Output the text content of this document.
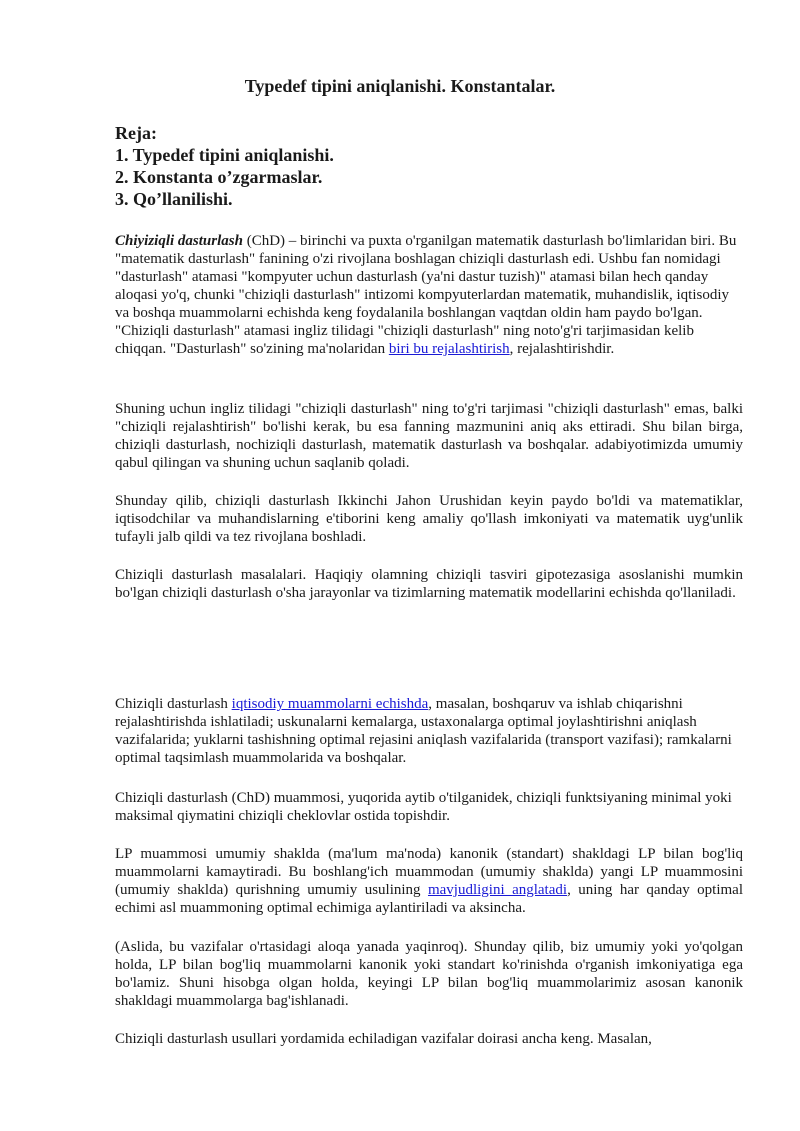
Typedef tipini aniqlanishi. Konstantalar.
Reja:
1. Typedef tipini aniqlanishi.
2. Konstanta o’zgarmaslar.
3. Qo’llanilishi.

Chiyiziqli dasturlash (ChD) – birinchi va puxta o'rganilgan matematik dasturlash bo'limlaridan biri. Bu "matematik dasturlash" fanining o'zi rivojlana boshlagan chiziqli dasturlash edi. Ushbu fan nomidagi "dasturlash" atamasi "kompyuter uchun dasturlash (ya'ni dastur tuzish)" atamasi bilan hech qanday aloqasi yo'q, chunki "chiziqli dasturlash" intizomi kompyuterlardan matematik, muhandislik, iqtisodiy va boshqa muammolarni echishda keng foydalanila boshlangan vaqtdan oldin ham paydo bo'lgan.
"Chiziqli dasturlash" atamasi ingliz tilidagi "chiziqli dasturlash" ning noto'g'ri tarjimasidan kelib chiqqan. "Dasturlash" so'zining ma'nolaridan biri bu rejalashtirish, rejalashtirishdir.

Shuning uchun ingliz tilidagi "chiziqli dasturlash" ning to'g'ri tarjimasi "chiziqli dasturlash" emas, balki "chiziqli rejalashtirish" bo'lishi kerak, bu esa fanning mazmunini aniq aks ettiradi. Shu bilan birga, chiziqli dasturlash, nochiziqli dasturlash, matematik dasturlash va boshqalar. adabiyotimizda umumiy qabul qilingan va shuning uchun saqlanib qoladi.

Shunday qilib, chiziqli dasturlash Ikkinchi Jahon Urushidan keyin paydo bo'ldi va matematiklar, iqtisodchilar va muhandislarning e'tiborini keng amaliy qo'llash imkoniyati va matematik uyg'unlik tufayli jalb qildi va tez rivojlana boshladi.

Chiziqli dasturlash masalalari. Haqiqiy olamning chiziqli tasviri gipotezasiga asoslanishi mumkin bo'lgan chiziqli dasturlash o'sha jarayonlar va tizimlarning matematik modellarini echishda qo'llaniladi.

Chiziqli dasturlash iqtisodiy muammolarni echishda, masalan, boshqaruv va ishlab chiqarishni rejalashtirishda ishlatiladi; uskunalarni kemalarga, ustaxonalarga optimal joylashtirishni aniqlash vazifalarida; yuklarni tashishning optimal rejasini aniqlash vazifalarida (transport vazifasi); ramkalarni optimal taqsimlash muammolarida va boshqalar.

Chiziqli dasturlash (ChD) muammosi, yuqorida aytib o'tilganidek, chiziqli funktsiyaning minimal yoki maksimal qiymatini chiziqli cheklovlar ostida topishdir.

LP muammosi umumiy shaklda (ma'lum ma'noda) kanonik (standart) shakldagi LP bilan bog'liq muammolarni kamaytiradi. Bu boshlang'ich muammodan (umumiy shaklda) yangi LP muammosini (umumiy shaklda) qurishning umumiy usulining mavjudligini anglatadi, uning har qanday optimal echimi asl muammoning optimal echimiga aylantiriladi va aksincha.

(Aslida, bu vazifalar o'rtasidagi aloqa yanada yaqinroq). Shunday qilib, biz umumiy yoki yo'qolgan holda, LP bilan bog'liq muammolarni kanonik yoki standart ko'rinishda o'rganish imkoniyatiga ega bo'lamiz. Shuni hisobga olgan holda, keyingi LP bilan bog'liq muammolarimiz asosan kanonik shakldagi muammolarga bag'ishlanadi.

Chiziqli dasturlash usullari yordamida echiladigan vazifalar doirasi ancha keng. Masalan,
